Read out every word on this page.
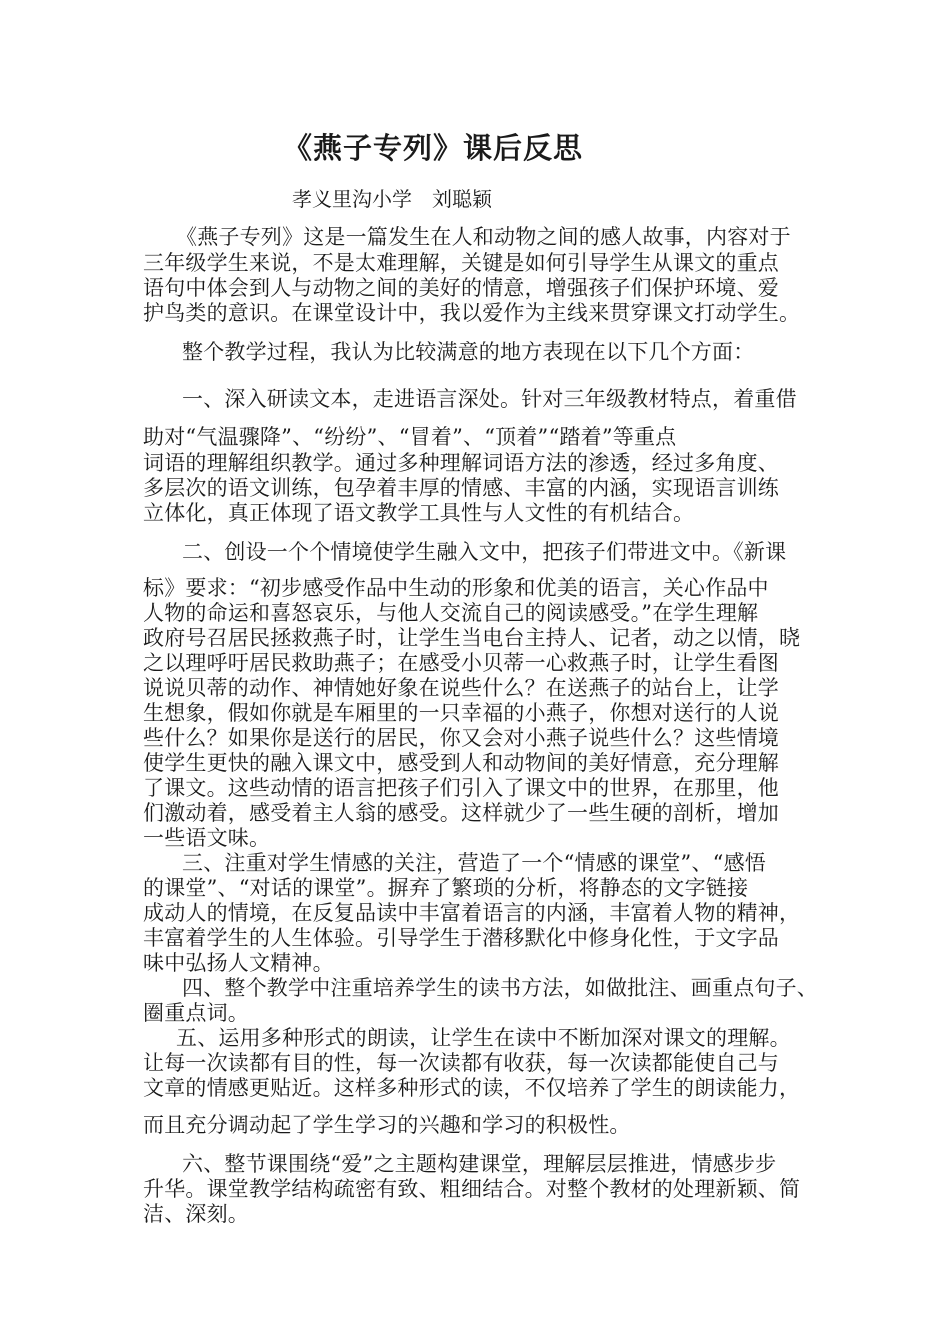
《燕子专列》课后反思
孝义里沟小学　刘聪颖
《燕子专列》这是一篇发生在人和动物之间的感人故事，内容对于
三年级学生来说，不是太难理解，关键是如何引导学生从课文的重点
语句中体会到人与动物之间的美好的情意，增强孩子们保护环境、爱
护鸟类的意识。在课堂设计中，我以爱作为主线来贯穿课文打动学生。
整个教学过程，我认为比较满意的地方表现在以下几个方面：
一、深入研读文本，走进语言深处。针对三年级教材特点，着重借
助对“气温骤降”、“纷纷”、“冒着”、“顶着”“踏着”等重点
词语的理解组织教学。通过多种理解词语方法的渗透，经过多角度、
多层次的语文训练，包孕着丰厚的情感、丰富的内涵，实现语言训练
立体化，真正体现了语文教学工具性与人文性的有机结合。
二、创设一个个情境使学生融入文中，把孩子们带进文中。《新课
标》要求：“初步感受作品中生动的形象和优美的语言，关心作品中
人物的命运和喜怒哀乐，与他人交流自己的阅读感受。”在学生理解
政府号召居民拯救燕子时，让学生当电台主持人、记者，动之以情，晓
之以理呼吁居民救助燕子；在感受小贝蒂一心救燕子时，让学生看图
说说贝蒂的动作、神情她好象在说些什么？在送燕子的站台上，让学
生想象，假如你就是车厢里的一只幸福的小燕子，你想对送行的人说
些什么？如果你是送行的居民，你又会对小燕子说些什么？这些情境
使学生更快的融入课文中，感受到人和动物间的美好情意，充分理解
了课文。这些动情的语言把孩子们引入了课文中的世界，在那里，他
们激动着，感受着主人翁的感受。这样就少了一些生硬的剖析，增加
一些语文味。
三、注重对学生情感的关注，营造了一个“情感的课堂”、“感悟
的课堂”、“对话的课堂”。摒弃了繁琐的分析，将静态的文字链接
成动人的情境，在反复品读中丰富着语言的内涵，丰富着人物的精神，
丰富着学生的人生体验。引导学生于潜移默化中修身化性，于文字品
味中弘扬人文精神。
四、整个教学中注重培养学生的读书方法，如做批注、画重点句子、
圈重点词。
五、运用多种形式的朗读，让学生在读中不断加深对课文的理解。
让每一次读都有目的性，每一次读都有收获，每一次读都能使自己与
文章的情感更贴近。这样多种形式的读，不仅培养了学生的朗读能力，
而且充分调动起了学生学习的兴趣和学习的积极性。
六、整节课围绕“爱”之主题构建课堂，理解层层推进，情感步步
升华。课堂教学结构疏密有致、粗细结合。对整个教材的处理新颖、简
洁、深刻。
